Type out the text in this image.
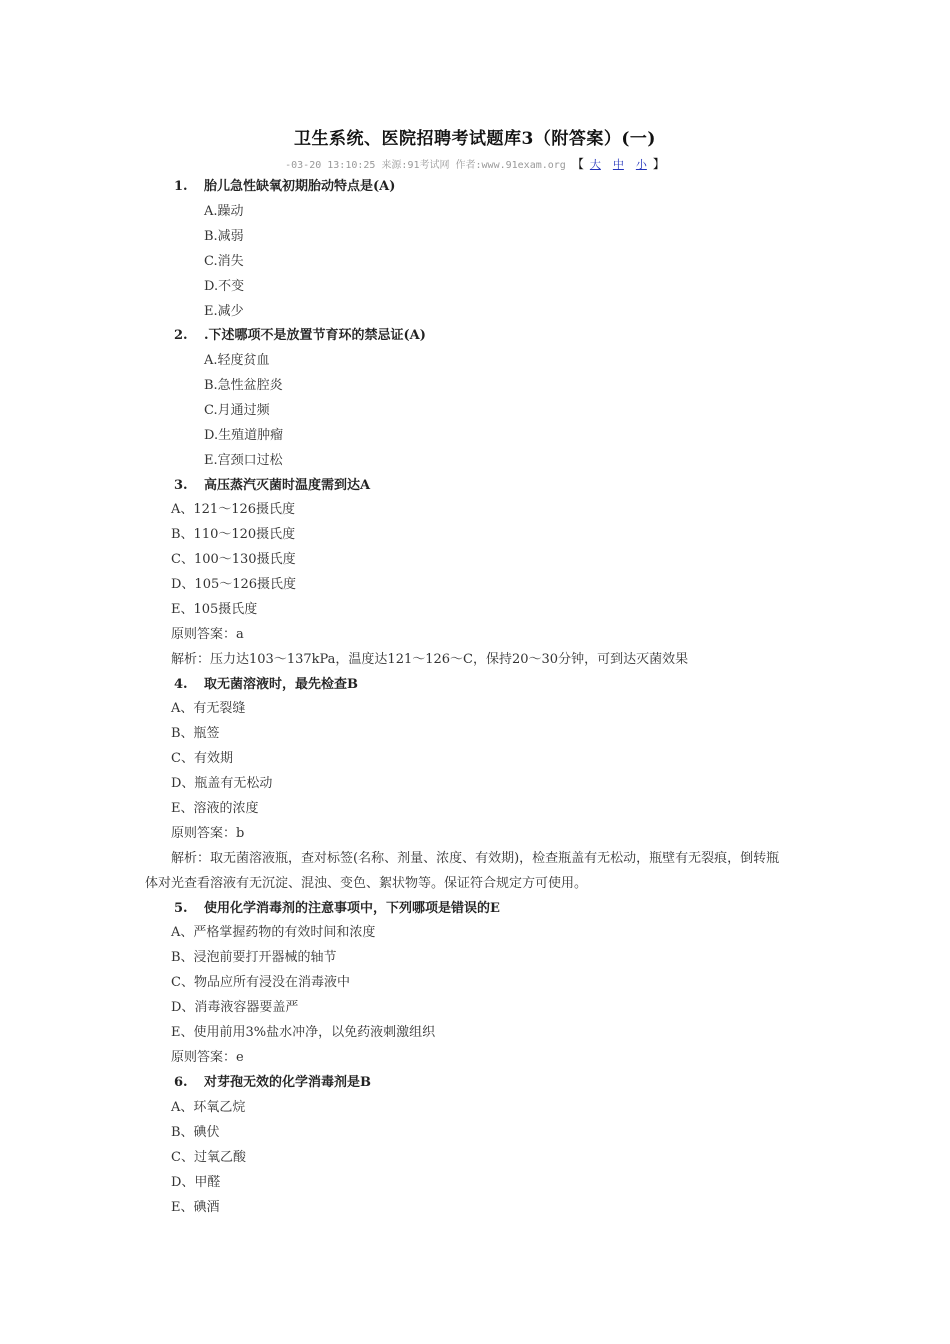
卫生系统、医院招聘考试题库3（附答案）(一)
-03-20 13:10:25 来源:91考试网 作者:www.91exam.org 【 大 中 小 】
1. 胎儿急性缺氧初期胎动特点是(A)
A.躁动
B.减弱
C.消失
D.不变
E.减少
2. .下述哪项不是放置节育环的禁忌证(A)
A.轻度贫血
B.急性盆腔炎
C.月通过频
D.生殖道肿瘤
E.宫颈口过松
3. 高压蒸汽灭菌时温度需到达A
A、121～126摄氏度
B、110～120摄氏度
C、100～130摄氏度
D、105～126摄氏度
E、105摄氏度
原则答案：a
解析：压力达103～137kPa，温度达121～126～C，保持20～30分钟，可到达灭菌效果
4. 取无菌溶液时，最先检查B
A、有无裂缝
B、瓶签
C、有效期
D、瓶盖有无松动
E、溶液的浓度
原则答案：b
解析：取无菌溶液瓶，查对标签(名称、剂量、浓度、有效期)，检查瓶盖有无松动，瓶壁有无裂痕，倒转瓶
体对光查看溶液有无沉淀、混浊、变色、絮状物等。保证符合规定方可使用。
5. 使用化学消毒剂的注意事项中，下列哪项是错误的E
A、严格掌握药物的有效时间和浓度
B、浸泡前要打开器械的轴节
C、物品应所有浸没在消毒液中
D、消毒液容器要盖严
E、使用前用3%盐水冲净，以免药液刺激组织
原则答案：e
6. 对芽孢无效的化学消毒剂是B
A、环氧乙烷
B、碘伏
C、过氧乙酸
D、甲醛
E、碘酒
